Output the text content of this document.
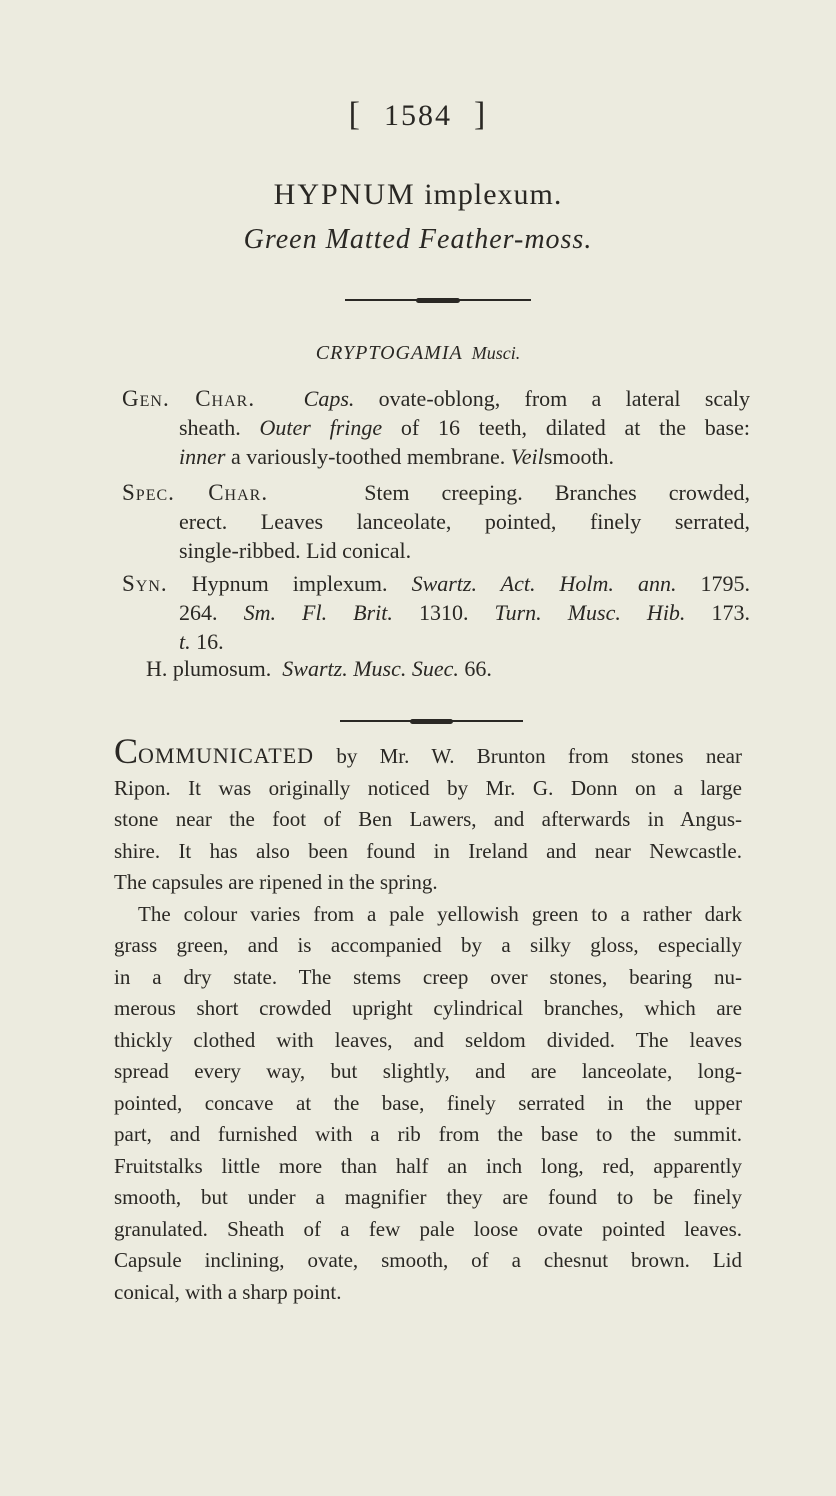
[ 1584 ]
HYPNUM implexum.
Green Matted Feather-moss.
CRYPTOGAMIA Musci.
Gen. Char. Caps. ovate-oblong, from a lateral scaly
sheath. Outer fringe of 16 teeth, dilated at the base:
inner a variously-toothed membrane. Veilsmooth.
Spec. Char.	Stem creeping. Branches crowded,
erect. Leaves lanceolate, pointed, finely serrated,
single-ribbed. Lid conical.
Syn. Hypnum implexum. Swartz. Act. Holm. ann. 1795.
264. Sm. Fl. Brit. 1310. Turn. Musc. Hib. 173.
t. 16.
H. plumosum. Swartz. Musc. Suec. 66.
COMMUNICATED by Mr. W. Brunton from stones near
Ripon. It was originally noticed by Mr. G. Donn on a large
stone near the foot of Ben Lawers, and afterwards in Angus-
shire. It has also been found in Ireland and near Newcastle.
The capsules are ripened in the spring.
The colour varies from a pale yellowish green to a rather dark
grass green, and is accompanied by a silky gloss, especially
in a dry state. The stems creep over stones, bearing nu-
merous short crowded upright cylindrical branches, which are
thickly clothed with leaves, and seldom divided. The leaves
spread every way, but slightly, and are lanceolate, long-
pointed, concave at the base, finely serrated in the upper
part, and furnished with a rib from the base to the summit.
Fruitstalks little more than half an inch long, red, apparently
smooth, but under a magnifier they are found to be finely
granulated. Sheath of a few pale loose ovate pointed leaves.
Capsule inclining, ovate, smooth, of a chesnut brown. Lid
conical, with a sharp point.
